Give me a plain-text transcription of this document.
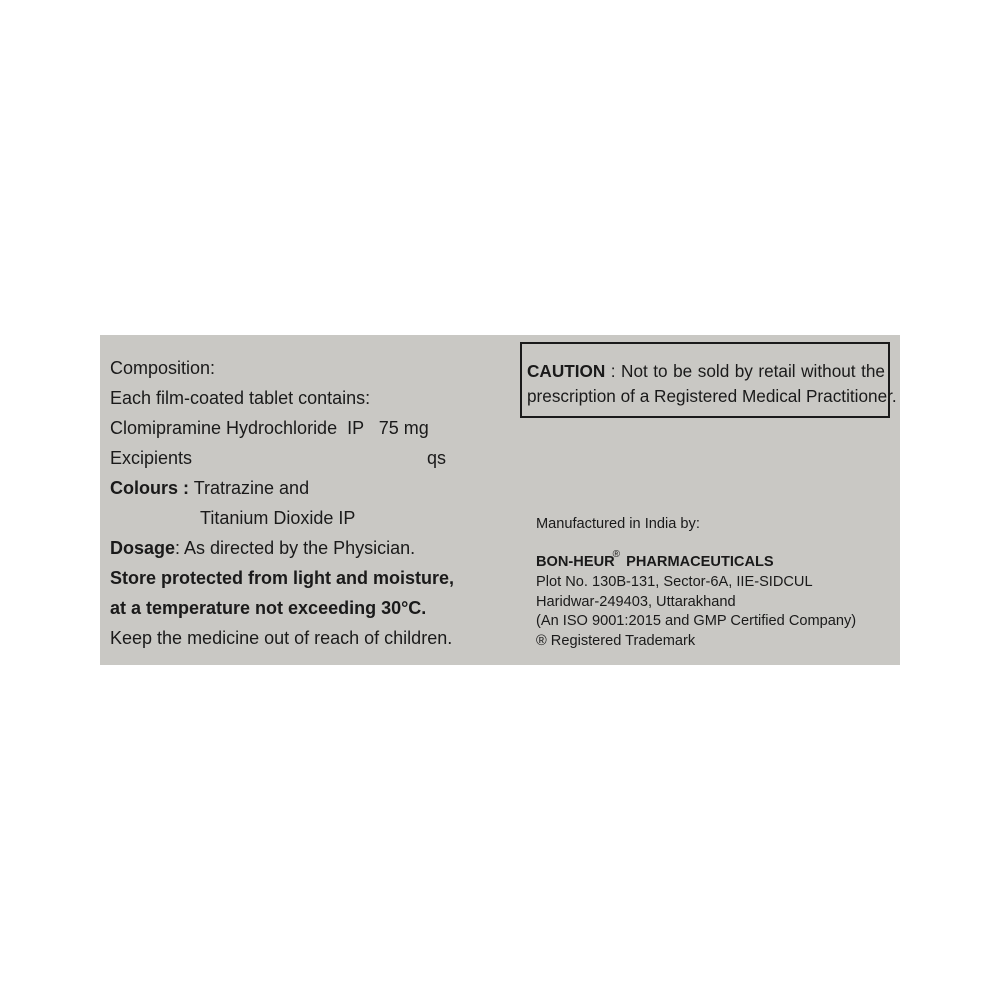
Composition:
Each film-coated tablet contains:
Clomipramine Hydrochloride  IP   75 mg
Excipients	qs
Colours : Tratrazine and
Titanium Dioxide IP
Dosage: As directed by the Physician.
Store protected from light and moisture,
at a temperature not exceeding 30°C.
Keep the medicine out of reach of children.
CAUTION : Not to be sold by retail without the
prescription of a Registered Medical Practitioner.
Manufactured in India by:
BON-HEUR® PHARMACEUTICALS
Plot No. 130B-131, Sector-6A, IIE-SIDCUL
Haridwar-249403, Uttarakhand
(An ISO 9001:2015 and GMP Certified Company)
® Registered Trademark
